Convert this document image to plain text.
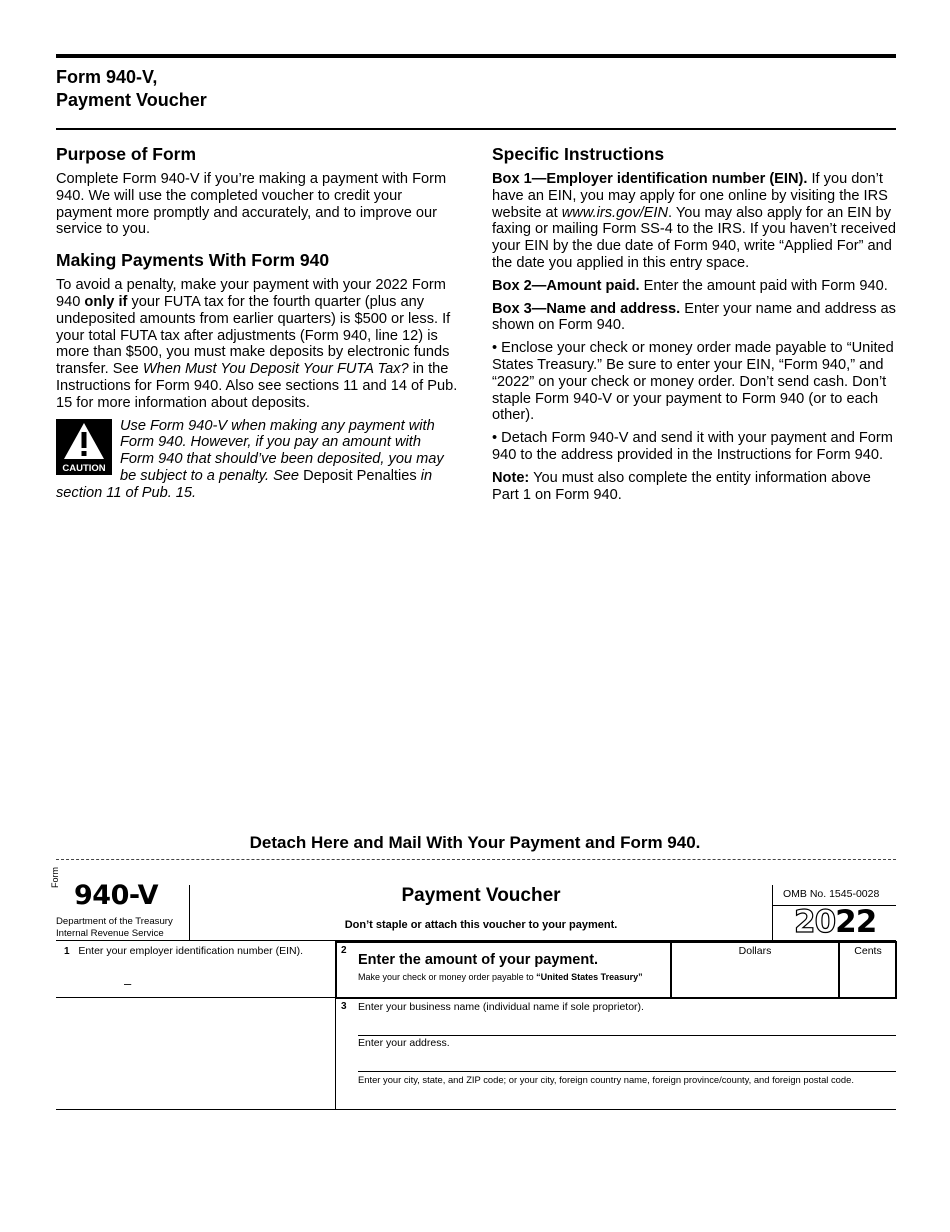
Form 940-V,
Payment Voucher
Purpose of Form

Complete Form 940-V if you’re making a payment with Form 940. We will use the completed voucher to credit your payment more promptly and accurately, and to improve our service to you.

Making Payments With Form 940

To avoid a penalty, make your payment with your 2022 Form 940 only if your FUTA tax for the fourth quarter (plus any undeposited amounts from earlier quarters) is $500 or less. If your total FUTA tax after adjustments (Form 940, line 12) is more than $500, you must make deposits by electronic funds transfer. See When Must You Deposit Your FUTA Tax? in the Instructions for Form 940. Also see sections 11 and 14 of Pub. 15 for more information about deposits.

CAUTION
Use Form 940-V when making any payment with Form 940. However, if you pay an amount with Form 940 that should’ve been deposited, you may be subject to a penalty. See Deposit Penalties in section 11 of Pub. 15.
Specific Instructions

Box 1—Employer identification number (EIN). If you don’t have an EIN, you may apply for one online by visiting the IRS website at www.irs.gov/EIN. You may also apply for an EIN by faxing or mailing Form SS-4 to the IRS. If you haven’t received your EIN by the due date of Form 940, write “Applied For” and the date you applied in this entry space.

Box 2—Amount paid. Enter the amount paid with Form 940.

Box 3—Name and address. Enter your name and address as shown on Form 940.

• Enclose your check or money order made payable to “United States Treasury.” Be sure to enter your EIN, “Form 940,” and “2022” on your check or money order. Don’t send cash. Don’t staple Form 940-V or your payment to Form 940 (or to each other).

• Detach Form 940-V and send it with your payment and Form 940 to the address provided in the Instructions for Form 940.

Note: You must also complete the entity information above Part 1 on Form 940.

Detach Here and Mail With Your Payment and Form 940.
Form
940-V
Department of the Treasury
Internal Revenue Service
Payment Voucher
Don’t staple or attach this voucher to your payment.
OMB No. 1545-0028
2022
1 Enter your employer identification number (EIN).
–
2
Enter the amount of your payment.
Make your check or money order payable to “United States Treasury”
Dollars	Cents
3 Enter your business name (individual name if sole proprietor).
Enter your address.
Enter your city, state, and ZIP code; or your city, foreign country name, foreign province/county, and foreign postal code.
